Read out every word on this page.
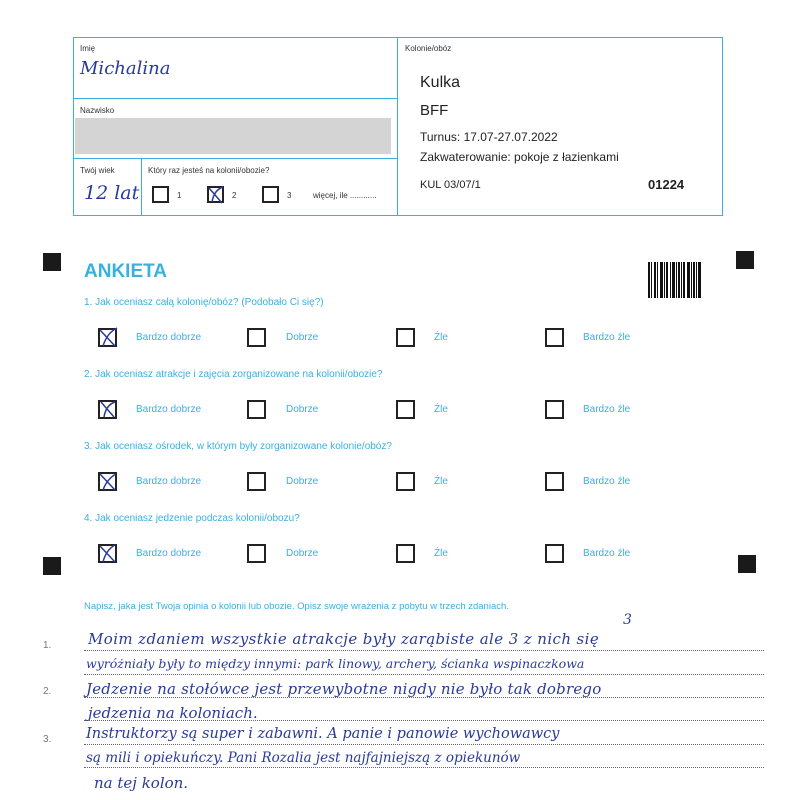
Imię
Michalina
Nazwisko
Twój wiek
12 lat
Który raz jesteś na kolonii/obozie?
1	2	3	więcej, ile ............
Kolonie/obóz
Kulka
BFF
Turnus: 17.07-27.07.2022
Zakwaterowanie: pokoje z łazienkami
KUL 03/07/1	01224
ANKIETA
1. Jak oceniasz całą kolonię/obóz? (Podobało Ci się?)
Bardzo dobrze	Dobrze	Źle	Bardzo źle
2. Jak oceniasz atrakcje i zajęcia zorganizowane na kolonii/obozie?
Bardzo dobrze	Dobrze	Źle	Bardzo źle
3. Jak oceniasz ośrodek, w którym były zorganizowane kolonie/obóz?
Bardzo dobrze	Dobrze	Źle	Bardzo źle
4. Jak oceniasz jedzenie podczas kolonii/obozu?
Bardzo dobrze	Dobrze	Źle	Bardzo źle
Napisz, jaka jest Twoja opinia o kolonii lub obozie. Opisz swoje wrażenia z pobytu w trzech zdaniach.
1.
2.
3.
Moim zdaniem wszystkie atrakcje były zarąbiste ale 3 z nich się
3
wyróżniały były to między innymi: park linowy, archery, ścianka wspinaczkowa
Jedzenie na stołówce jest przewybotne nigdy nie było tak dobrego
jedzenia na koloniach.
Instruktorzy są super i zabawni. A panie i panowie wychowawcy
są mili i opiekuńczy. Pani Rozalia jest najfajniejszą z opiekunów
na tej kolon.
